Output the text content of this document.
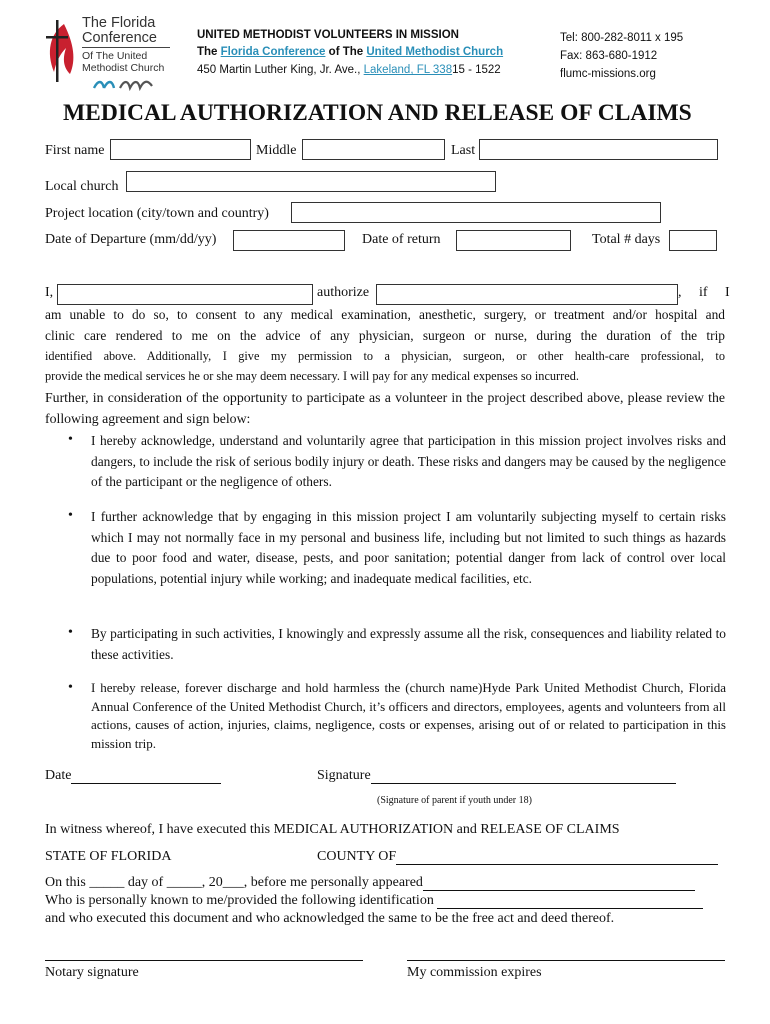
The Florida
Conference
Of The United
Methodist Church
UNITED METHODIST VOLUNTEERS IN MISSION
The Florida Conference of The United Methodist Church
450 Martin Luther King, Jr. Ave., Lakeland, FL 33815 - 1522
Tel: 800-282-8011 x 195
Fax: 863-680-1912
flumc-missions.org
MEDICAL AUTHORIZATION AND RELEASE OF CLAIMS
First name	Middle	Last
Local church
Project location (city/town and country)
Date of Departure (mm/dd/yy)	Date of return	Total # days
I,	authorize	, if I
am unable to do so, to consent to any medical examination, anesthetic, surgery, or treatment and/or hospital and
clinic care rendered to me on the advice of any physician, surgeon or nurse, during the duration of the trip
identified above. Additionally, I give my permission to a physician, surgeon, or other health-care professional, to
provide the medical services he or she may deem necessary. I will pay for any medical expenses so incurred.
Further, in consideration of the opportunity to participate as a volunteer in the project described above, please review the following agreement and sign below:
• I hereby acknowledge, understand and voluntarily agree that participation in this mission project involves risks and dangers, to include the risk of serious bodily injury or death. These risks and dangers may be caused by the negligence of the participant or the negligence of others.
• I further acknowledge that by engaging in this mission project I am voluntarily subjecting myself to certain risks which I may not normally face in my personal and business life, including but not limited to such things as hazards due to poor food and water, disease, pests, and poor sanitation; potential danger from lack of control over local populations, potential injury while working; and inadequate medical facilities, etc.
• By participating in such activities, I knowingly and expressly assume all the risk, consequences and liability related to these activities.
• I hereby release, forever discharge and hold harmless the (church name)Hyde Park United Methodist Church, Florida Annual Conference of the United Methodist Church, it’s officers and directors, employees, agents and volunteers from all actions, causes of action, injuries, claims, negligence, costs or expenses, arising out of or related to participation in this mission trip.
Date	Signature
(Signature of parent if youth under 18)
In witness whereof, I have executed this MEDICAL AUTHORIZATION and RELEASE OF CLAIMS
STATE OF FLORIDA	COUNTY OF
On this _____ day of _____, 20___, before me personally appeared
Who is personally known to me/provided the following identification
and who executed this document and who acknowledged the same to be the free act and deed thereof.
Notary signature	My commission expires
